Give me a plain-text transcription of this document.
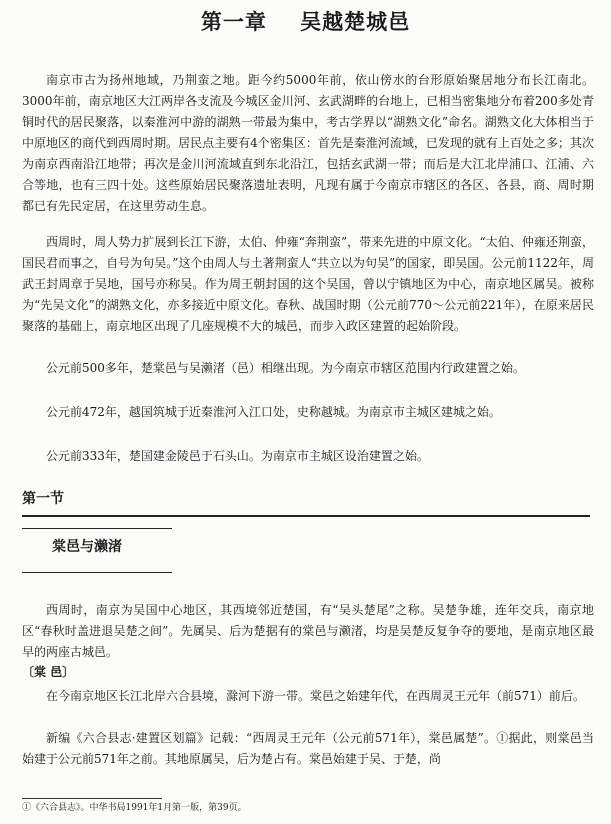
第一章    吴越楚城邑

南京市古为扬州地域，乃荆蛮之地。距今约5000年前，依山傍水的台形原始聚居地分布长江南北。3000年前，南京地区大江两岸各支流及今城区金川河、玄武湖畔的台地上，已相当密集地分布着200多处青铜时代的居民聚落，以秦淮河中游的湖熟一带最为集中，考古学界以“湖熟文化”命名。湖熟文化大体相当于中原地区的商代到西周时期。居民点主要有4个密集区：首先是秦淮河流域，已发现的就有上百处之多；其次为南京西南沿江地带；再次是金川河流域直到东北沿江，包括玄武湖一带；而后是大江北岸浦口、江浦、六合等地，也有三四十处。这些原始居民聚落遗址表明，凡现有属于今南京市辖区的各区、各县，商、周时期都已有先民定居，在这里劳动生息。

西周时，周人势力扩展到长江下游，太伯、仲雍“奔荆蛮”，带来先进的中原文化。“太伯、仲雍还荆蛮，国民君而事之，自号为句吴。”这个由周人与土著荆蛮人“共立以为句吴”的国家，即吴国。公元前1122年，周武王封周章于吴地，国号亦称吴。作为周王朝封国的这个吴国，曾以宁镇地区为中心，南京地区属吴。被称为“先吴文化”的湖熟文化，亦多接近中原文化。春秋、战国时期（公元前770～公元前221年），在原来居民聚落的基础上，南京地区出现了几座规模不大的城邑，而步入政区建置的起始阶段。

公元前500多年，楚棠邑与吴濑渚（邑）相继出现。为今南京市辖区范围内行政建置之始。

公元前472年，越国筑城于近秦淮河入江口处，史称越城。为南京市主城区建城之始。

公元前333年，楚国建金陵邑于石头山。为南京市主城区设治建置之始。

第一节
棠邑与濑渚

西周时，南京为吴国中心地区，其西境邻近楚国，有“吴头楚尾”之称。吴楚争雄，连年交兵，南京地区“春秋时盖进退吴楚之间”。先属吴、后为楚据有的棠邑与濑渚，均是吴楚反复争夺的要地，是南京地区最早的两座古城邑。

〔棠 邑〕

在今南京地区长江北岸六合县境，滁河下游一带。棠邑之始建年代，在西周灵王元年（前571）前后。

新编《六合县志·建置区划篇》记载：“西周灵王元年（公元前571年），棠邑属楚”。①据此，则棠邑当始建于公元前571年之前。其地原属吴，后为楚占有。棠邑始建于吴、于楚，尚

①《六合县志》。中华书局1991年1月第一版，第39页。
